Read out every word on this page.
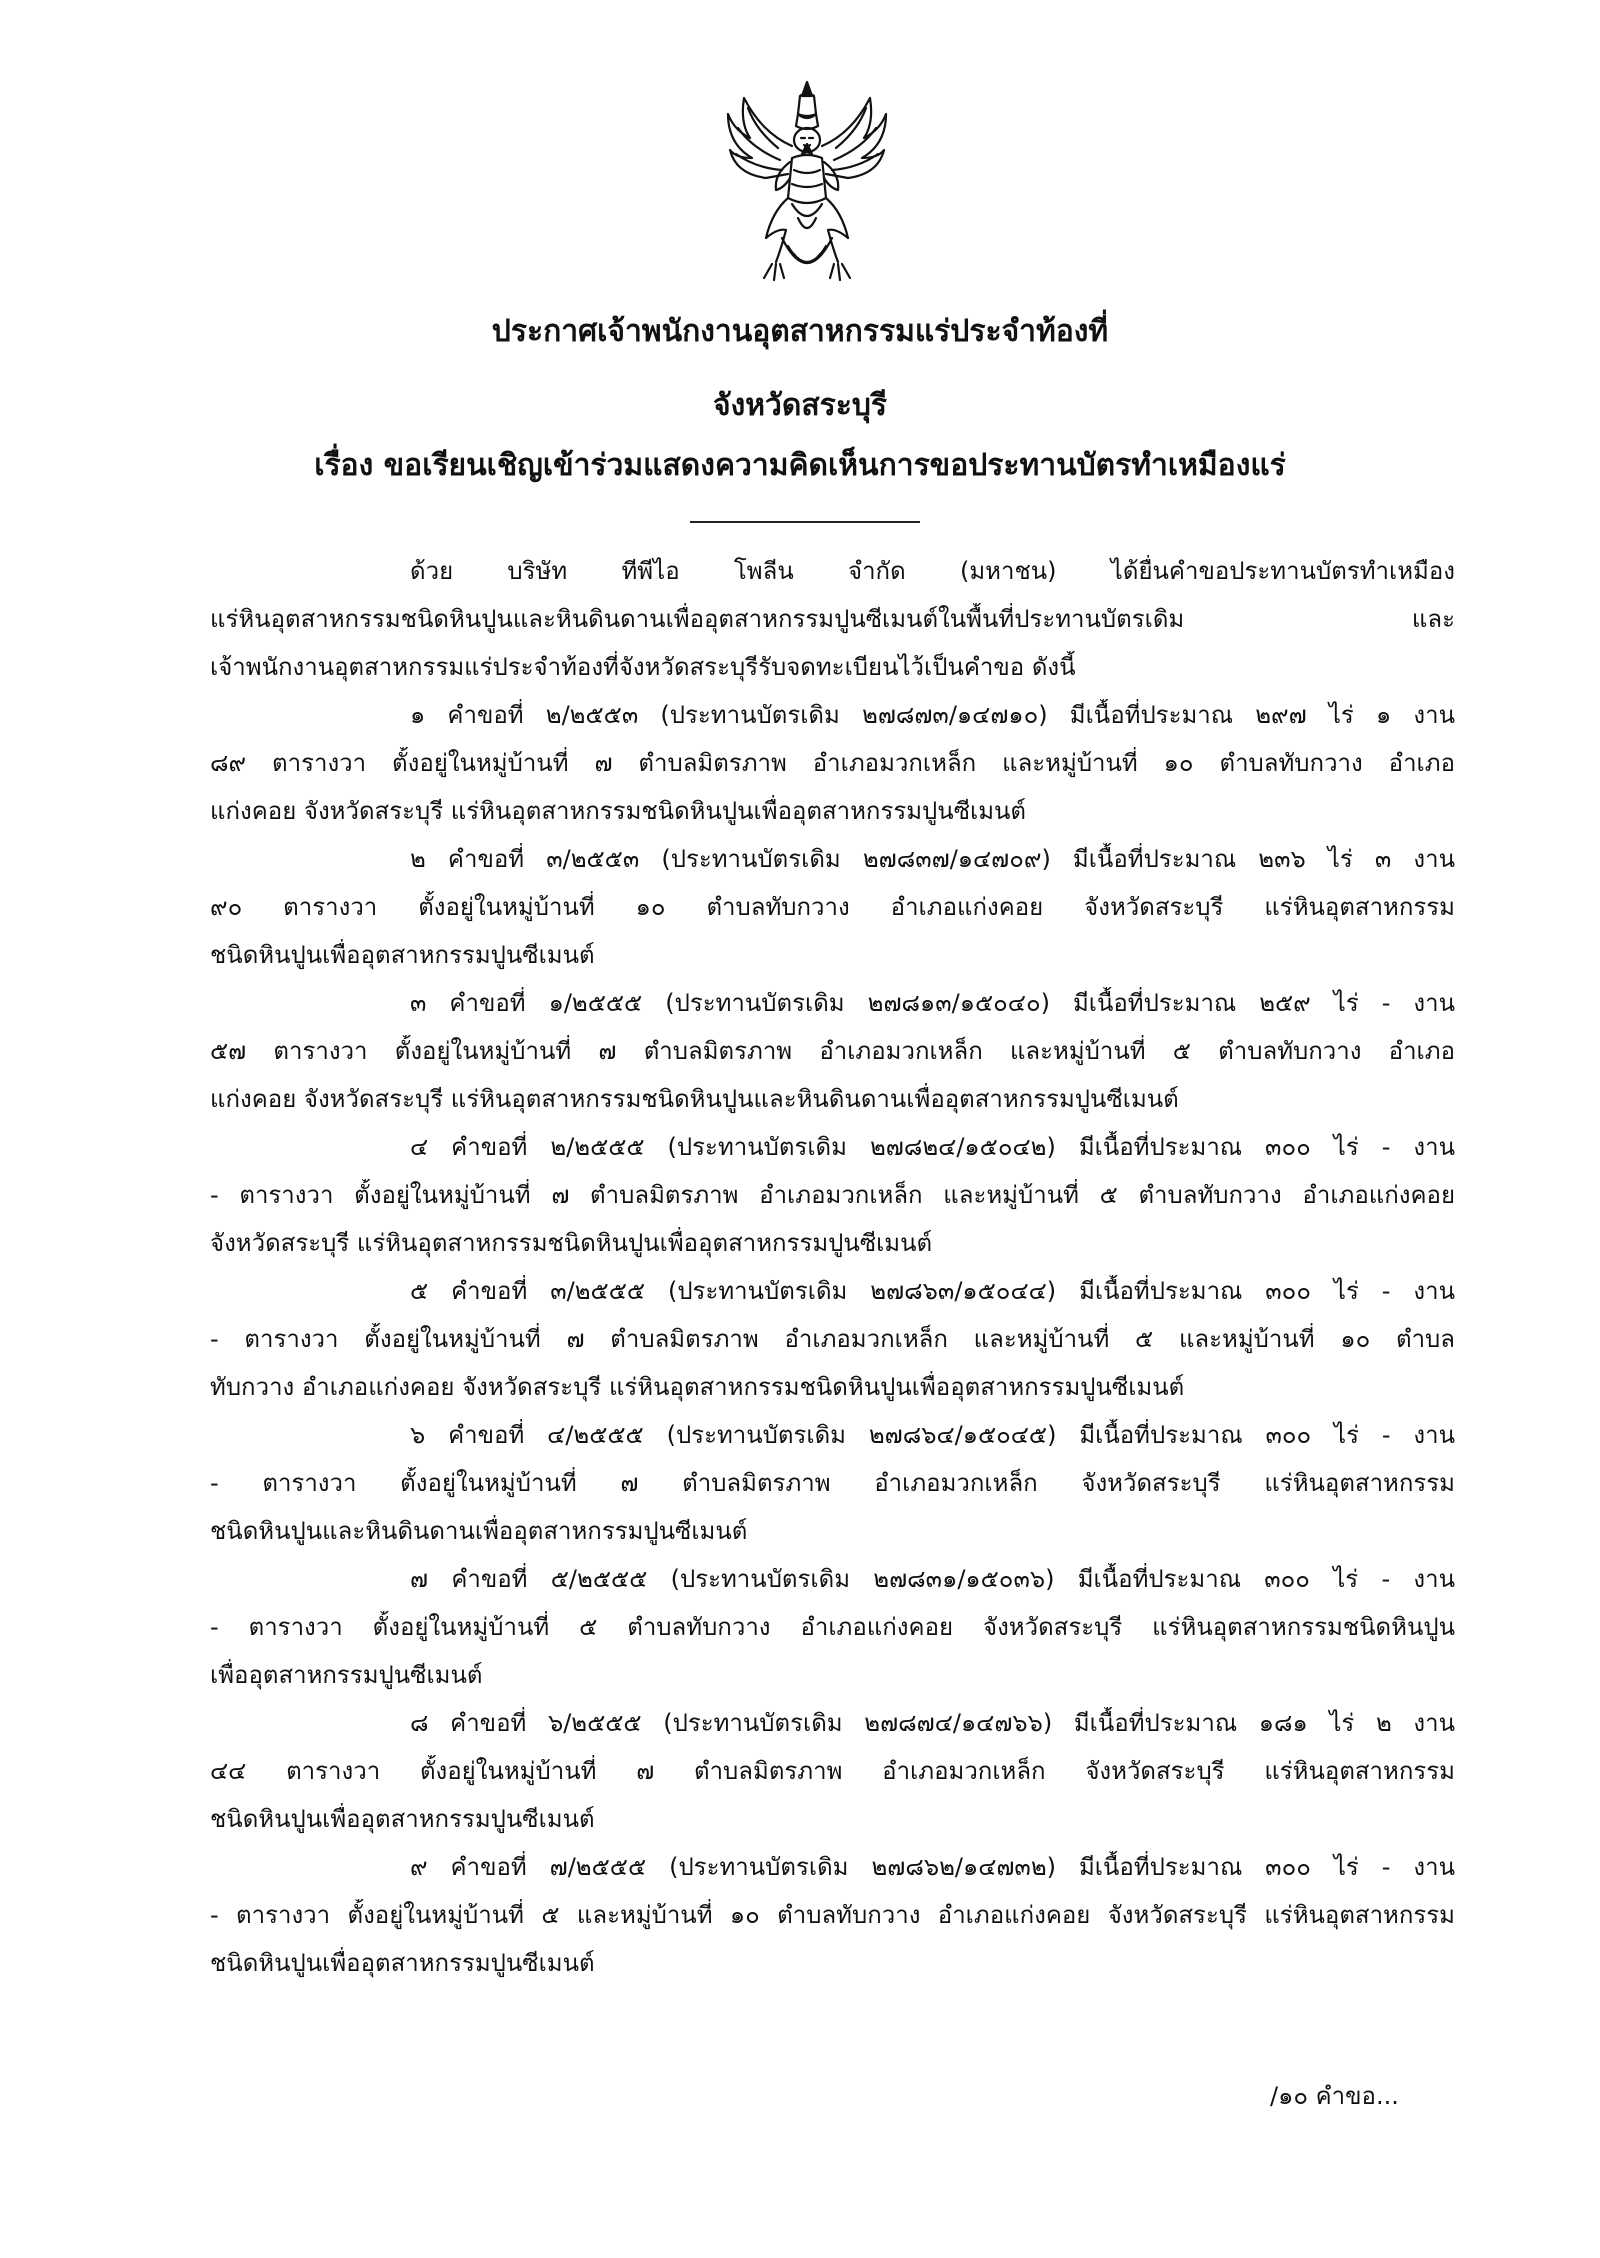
ประกาศเจ้าพนักงานอุตสาหกรรมแร่ประจำท้องที่
จังหวัดสระบุรี
เรื่อง ขอเรียนเชิญเข้าร่วมแสดงความคิดเห็นการขอประทานบัตรทำเหมืองแร่
ด้วย บริษัท ทีพีไอ โพลีน จำกัด (มหาชน) ได้ยื่นคำขอประทานบัตรทำเหมือง
แร่หินอุตสาหกรรมชนิดหินปูนและหินดินดานเพื่ออุตสาหกรรมปูนซีเมนต์ในพื้นที่ประทานบัตรเดิม และ
เจ้าพนักงานอุตสาหกรรมแร่ประจำท้องที่จังหวัดสระบุรีรับจดทะเบียนไว้เป็นคำขอ ดังนี้
๑ คำขอที่ ๒/๒๕๕๓ (ประทานบัตรเดิม ๒๗๘๗๓/๑๔๗๑๐) มีเนื้อที่ประมาณ ๒๙๗ ไร่ ๑ งาน
๘๙ ตารางวา ตั้งอยู่ในหมู่บ้านที่ ๗ ตำบลมิตรภาพ อำเภอมวกเหล็ก และหมู่บ้านที่ ๑๐ ตำบลทับกวาง อำเภอ
แก่งคอย จังหวัดสระบุรี แร่หินอุตสาหกรรมชนิดหินปูนเพื่ออุตสาหกรรมปูนซีเมนต์
๒ คำขอที่ ๓/๒๕๕๓ (ประทานบัตรเดิม ๒๗๘๓๗/๑๔๗๐๙) มีเนื้อที่ประมาณ ๒๓๖ ไร่ ๓ งาน
๙๐ ตารางวา ตั้งอยู่ในหมู่บ้านที่ ๑๐ ตำบลทับกวาง อำเภอแก่งคอย จังหวัดสระบุรี แร่หินอุตสาหกรรม
ชนิดหินปูนเพื่ออุตสาหกรรมปูนซีเมนต์
๓ คำขอที่ ๑/๒๕๕๕ (ประทานบัตรเดิม ๒๗๘๑๓/๑๕๐๔๐) มีเนื้อที่ประมาณ ๒๕๙ ไร่ - งาน
๕๗ ตารางวา ตั้งอยู่ในหมู่บ้านที่ ๗ ตำบลมิตรภาพ อำเภอมวกเหล็ก และหมู่บ้านที่ ๕ ตำบลทับกวาง อำเภอ
แก่งคอย จังหวัดสระบุรี แร่หินอุตสาหกรรมชนิดหินปูนและหินดินดานเพื่ออุตสาหกรรมปูนซีเมนต์
๔ คำขอที่ ๒/๒๕๕๕ (ประทานบัตรเดิม ๒๗๘๒๔/๑๕๐๔๒) มีเนื้อที่ประมาณ ๓๐๐ ไร่ - งาน
- ตารางวา ตั้งอยู่ในหมู่บ้านที่ ๗ ตำบลมิตรภาพ อำเภอมวกเหล็ก และหมู่บ้านที่ ๕ ตำบลทับกวาง อำเภอแก่งคอย
จังหวัดสระบุรี แร่หินอุตสาหกรรมชนิดหินปูนเพื่ออุตสาหกรรมปูนซีเมนต์
๕ คำขอที่ ๓/๒๕๕๕ (ประทานบัตรเดิม ๒๗๘๖๓/๑๕๐๔๔) มีเนื้อที่ประมาณ ๓๐๐ ไร่ - งาน
- ตารางวา ตั้งอยู่ในหมู่บ้านที่ ๗ ตำบลมิตรภาพ อำเภอมวกเหล็ก และหมู่บ้านที่ ๕ และหมู่บ้านที่ ๑๐ ตำบล
ทับกวาง อำเภอแก่งคอย จังหวัดสระบุรี แร่หินอุตสาหกรรมชนิดหินปูนเพื่ออุตสาหกรรมปูนซีเมนต์
๖ คำขอที่ ๔/๒๕๕๕ (ประทานบัตรเดิม ๒๗๘๖๔/๑๕๐๔๕) มีเนื้อที่ประมาณ ๓๐๐ ไร่ - งาน
- ตารางวา ตั้งอยู่ในหมู่บ้านที่ ๗ ตำบลมิตรภาพ อำเภอมวกเหล็ก จังหวัดสระบุรี แร่หินอุตสาหกรรม
ชนิดหินปูนและหินดินดานเพื่ออุตสาหกรรมปูนซีเมนต์
๗ คำขอที่ ๕/๒๕๕๕ (ประทานบัตรเดิม ๒๗๘๓๑/๑๕๐๓๖) มีเนื้อที่ประมาณ ๓๐๐ ไร่ - งาน
- ตารางวา ตั้งอยู่ในหมู่บ้านที่ ๕ ตำบลทับกวาง อำเภอแก่งคอย จังหวัดสระบุรี แร่หินอุตสาหกรรมชนิดหินปูน
เพื่ออุตสาหกรรมปูนซีเมนต์
๘ คำขอที่ ๖/๒๕๕๕ (ประทานบัตรเดิม ๒๗๘๗๔/๑๔๗๖๖) มีเนื้อที่ประมาณ ๑๘๑ ไร่ ๒ งาน
๔๔ ตารางวา ตั้งอยู่ในหมู่บ้านที่ ๗ ตำบลมิตรภาพ อำเภอมวกเหล็ก จังหวัดสระบุรี แร่หินอุตสาหกรรม
ชนิดหินปูนเพื่ออุตสาหกรรมปูนซีเมนต์
๙ คำขอที่ ๗/๒๕๕๕ (ประทานบัตรเดิม ๒๗๘๖๒/๑๔๗๓๒) มีเนื้อที่ประมาณ ๓๐๐ ไร่ - งาน
- ตารางวา ตั้งอยู่ในหมู่บ้านที่ ๕ และหมู่บ้านที่ ๑๐ ตำบลทับกวาง อำเภอแก่งคอย จังหวัดสระบุรี แร่หินอุตสาหกรรม
ชนิดหินปูนเพื่ออุตสาหกรรมปูนซีเมนต์
/๑๐ คำขอ...
